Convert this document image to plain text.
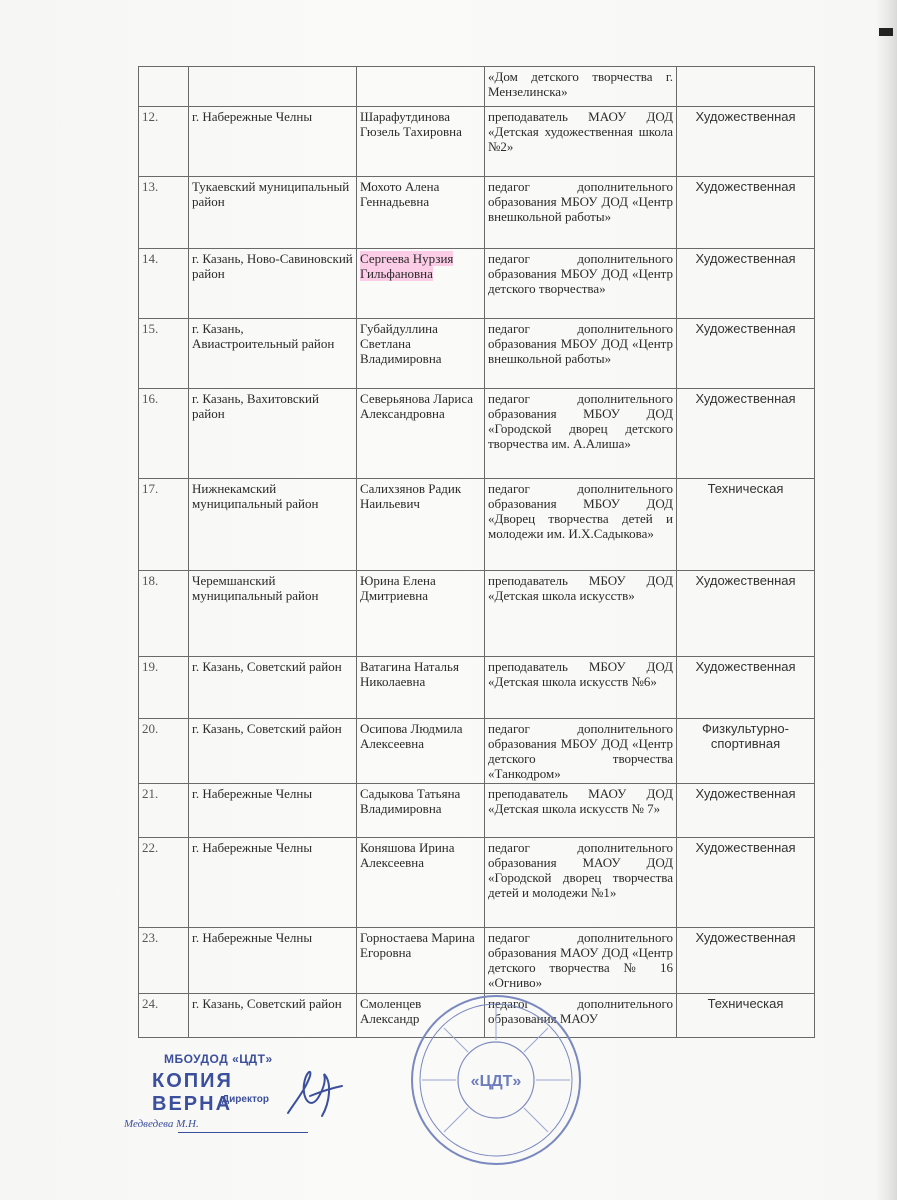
			«Дом детского творчества г. Мензелинска»	
12.	г. Набережные Челны	Шарафутдинова Гюзель Тахировна	преподаватель МАОУ ДОД «Детская художественная школа №2»	Художественная
13.	Тукаевский муниципальный район	Мохото Алена Геннадьевна	педагог дополнительного образования МБОУ ДОД «Центр внешкольной работы»	Художественная
14.	г. Казань, Ново-Савиновский район	Сергеева Нурзия Гильфановна	педагог дополнительного образования МБОУ ДОД «Центр детского творчества»	Художественная
15.	г. Казань, Авиастроительный район	Губайдуллина Светлана Владимировна	педагог дополнительного образования МБОУ ДОД «Центр внешкольной работы»	Художественная
16.	г. Казань, Вахитовский район	Северьянова Лариса Александровна	педагог дополнительного образования МБОУ ДОД «Городской дворец детского творчества им. А.Алиша»	Художественная
17.	Нижнекамский муниципальный район	Салихзянов Радик Наильевич	педагог дополнительного образования МБОУ ДОД «Дворец творчества детей и молодежи им. И.Х.Садыкова»	Техническая
18.	Черемшанский муниципальный район	Юрина Елена Дмитриевна	преподаватель МБОУ ДОД «Детская школа искусств»	Художественная
19.	г. Казань, Советский район	Ватагина Наталья Николаевна	преподаватель МБОУ ДОД «Детская школа искусств №6»	Художественная
20.	г. Казань, Советский район	Осипова Людмила Алексеевна	педагог дополнительного образования МБОУ ДОД «Центр детского творчества «Танкодром»	Физкультурно-спортивная
21.	г. Набережные Челны	Садыкова Татьяна Владимировна	преподаватель МАОУ ДОД «Детская школа искусств № 7»	Художественная
22.	г. Набережные Челны	Коняшова Ирина Алексеевна	педагог дополнительного образования МАОУ ДОД «Городской дворец творчества детей и молодежи №1»	Художественная
23.	г. Набережные Челны	Горностаева Марина Егоровна	педагог дополнительного образования МАОУ ДОД «Центр детского творчества № 16 «Огниво»	Художественная
24.	г. Казань, Советский район	Смоленцев Александр	педагог дополнительного образования МАОУ	Техническая
МБОУДОД «ЦДТ»
КОПИЯ ВЕРНА
Директор
Медведева М.Н.
«ЦДТ»
